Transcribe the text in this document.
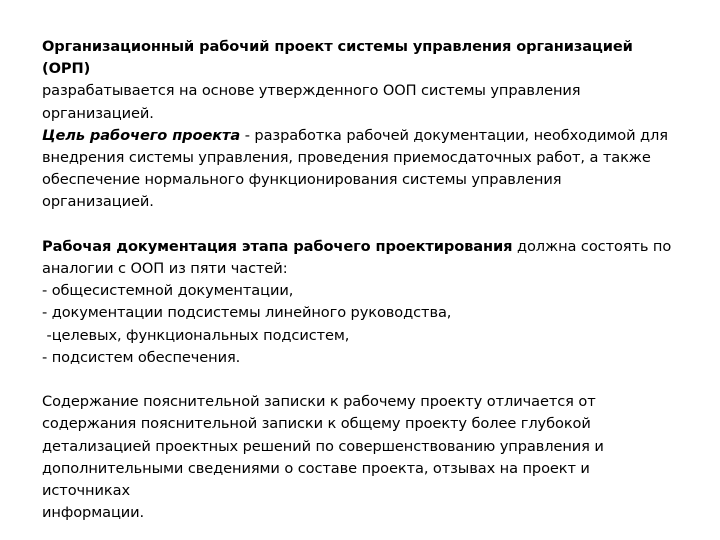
Организационный рабочий проект системы управления организацией (ОРП)

разрабатывается на основе утвержденного ООП системы управления

организацией.

Цель рабочего проекта - разработка рабочей документации, необходимой для

внедрения системы управления, проведения приемосдаточных работ, а также

обеспечение нормального функционирования системы управления

организацией.

Рабочая документация этапа рабочего проектирования должна состоять по

аналогии с ООП из пяти частей:

- общесистемной документации,

- документации подсистемы линейного руководства,

-целевых, функциональных подсистем,

- подсистем обеспечения.

Содержание пояснительной записки к рабочему проекту отличается от

содержания пояснительной записки к общему проекту более глубокой

детализацией проектных решений по совершенствованию управления и

дополнительными сведениями о составе проекта, отзывах на проект и источниках

информации.
